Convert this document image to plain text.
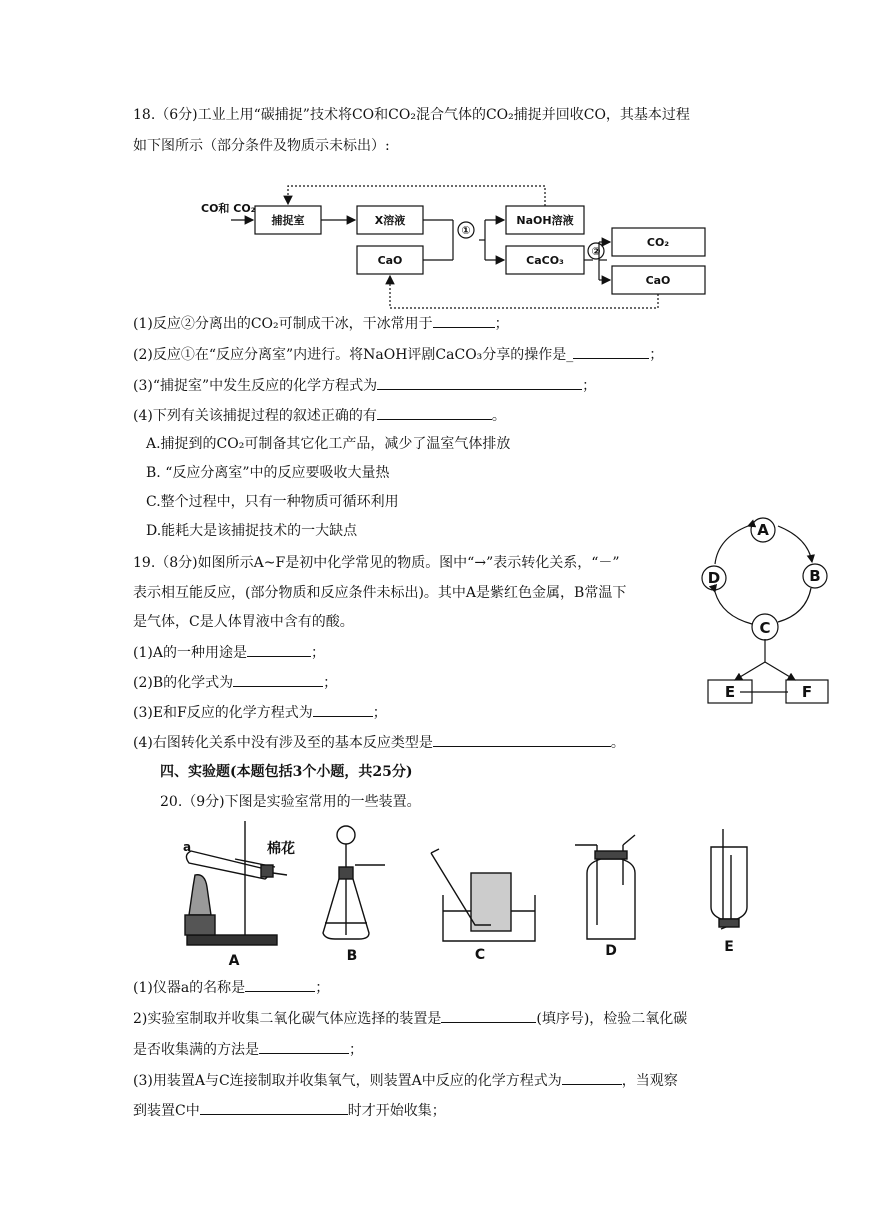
18.（6分)工业上用“碳捕捉”技术将CO和CO₂混合气体的CO₂捕捉并回收CO，其基本过程
如下图所示（部分条件及物质示未标出）:
CO和 CO₂
捕捉室	X溶液
CaO
①
NaOH溶液
CaCO₃
②
CO₂
CaO
(1)反应②分离出的CO₂可制成干冰，干冰常用于	；
(2)反应①在“反应分离室”内进行。将NaOH评剧CaCO₃分享的操作是_	；
(3)“捕捉室”中发生反应的化学方程式为	；
(4)下列有关该捕捉过程的叙述正确的有	。
A.捕捉到的CO₂可制备其它化工产品，减少了温室气体排放
B. “反应分离室”中的反应要吸收大量热
C.整个过程中，只有一种物质可循环利用
D.能耗大是该捕捉技术的一大缺点
19.（8分)如图所示A~F是初中化学常见的物质。图中“→”表示转化关系，“－”
表示相互能反应，(部分物质和反应条件未标出)。其中A是紫红色金属，B常温下
是气体，C是人体胃液中含有的酸。
(1)A的一种用途是	；
(2)B的化学式为	；
(3)E和F反应的化学方程式为	；
(4)右图转化关系中没有涉及至的基本反应类型是	。
A
B
C
D
E	F
四、实验题(本题包括3个小题，共25分)
20.（9分)下图是实验室常用的一些装置。
a	棉花
A	B	C	D	E
(1)仪器a的名称是	；
2)实验室制取并收集二氧化碳气体应选择的装置是	(填序号)，检验二氧化碳
是否收集满的方法是	；
(3)用装置A与C连接制取并收集氧气，则装置A中反应的化学方程式为	，当观察
到装置C中	时才开始收集；
